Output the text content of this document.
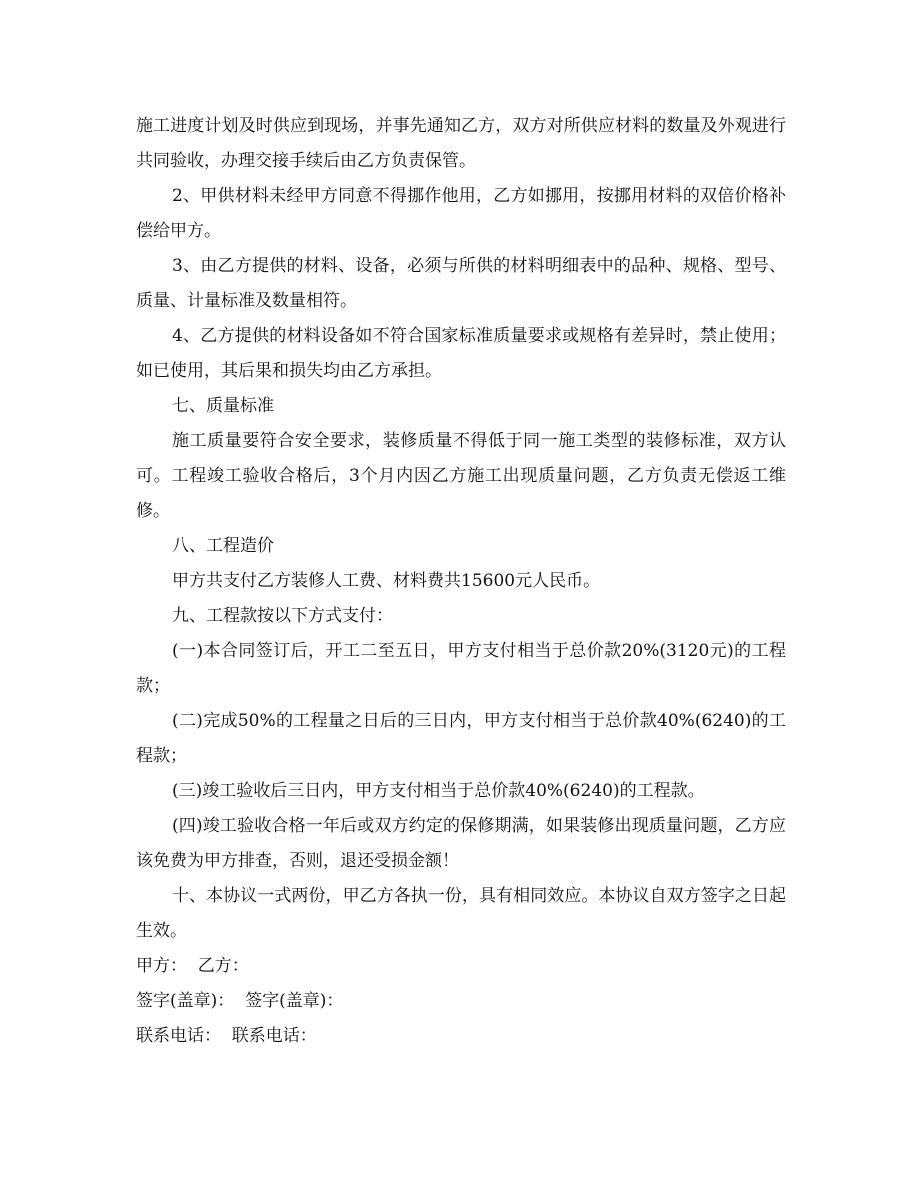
施工进度计划及时供应到现场，并事先通知乙方，双方对所供应材料的数量及外观进行共同验收，办理交接手续后由乙方负责保管。

2、甲供材料未经甲方同意不得挪作他用，乙方如挪用，按挪用材料的双倍价格补偿给甲方。

3、由乙方提供的材料、设备，必须与所供的材料明细表中的品种、规格、型号、质量、计量标准及数量相符。

4、乙方提供的材料设备如不符合国家标准质量要求或规格有差异时，禁止使用；如已使用，其后果和损失均由乙方承担。

七、质量标准

施工质量要符合安全要求，装修质量不得低于同一施工类型的装修标准，双方认可。工程竣工验收合格后，3个月内因乙方施工出现质量问题，乙方负责无偿返工维修。

八、工程造价

甲方共支付乙方装修人工费、材料费共15600元人民币。

九、工程款按以下方式支付：

(一)本合同签订后，开工二至五日，甲方支付相当于总价款20%(3120元)的工程款；

(二)完成50%的工程量之日后的三日内，甲方支付相当于总价款40%(6240)的工程款；

(三)竣工验收后三日内，甲方支付相当于总价款40%(6240)的工程款。

(四)竣工验收合格一年后或双方约定的保修期满，如果装修出现质量问题，乙方应该免费为甲方排查，否则，退还受损金额！

十、本协议一式两份，甲乙方各执一份，具有相同效应。本协议自双方签字之日起生效。

甲方：  乙方：

签字(盖章)：  签字(盖章)：

联系电话：  联系电话：
